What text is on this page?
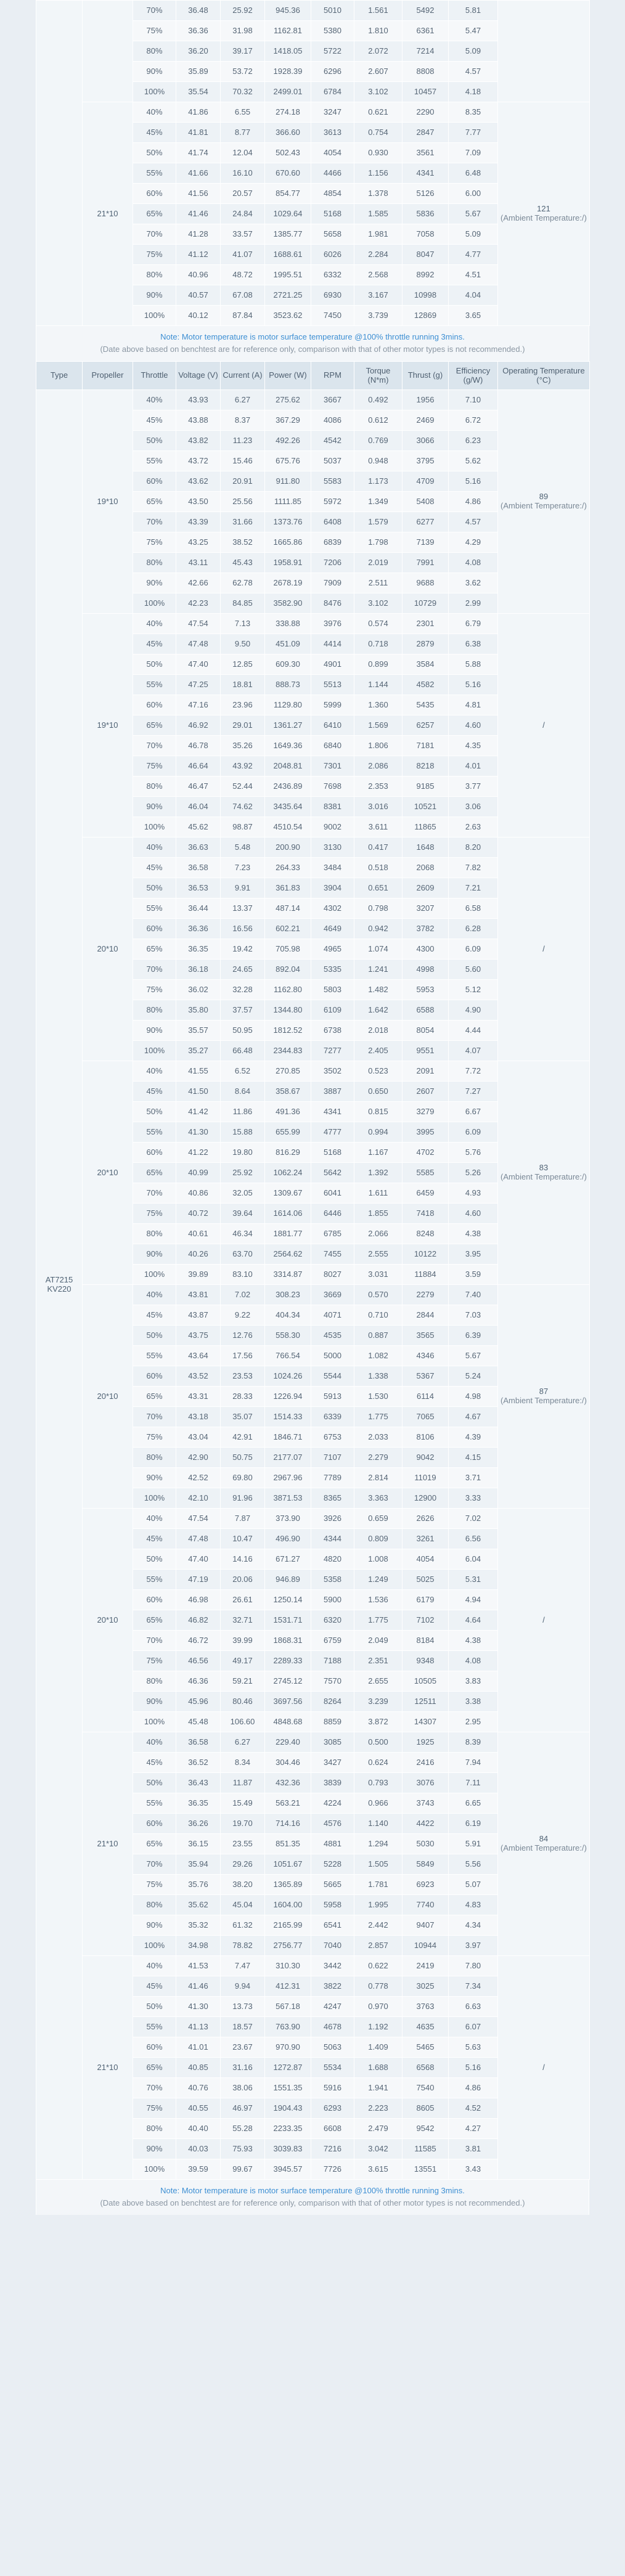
		70%	36.48	25.92	945.36	5010	1.561	5492	5.81	
		75%	36.36	31.98	1162.81	5380	1.810	6361	5.47	
		80%	36.20	39.17	1418.05	5722	2.072	7214	5.09	
		90%	35.89	53.72	1928.39	6296	2.607	8808	4.57	
		100%	35.54	70.32	2499.01	6784	3.102	10457	4.18	
	21*10	40%	41.86	6.55	274.18	3247	0.621	2290	8.35	121
(Ambient Temperature:/)

		45%	41.81	8.77	366.60	3613	0.754	2847	7.77	
		50%	41.74	12.04	502.43	4054	0.930	3561	7.09	
		55%	41.66	16.10	670.60	4466	1.156	4341	6.48	
		60%	41.56	20.57	854.77	4854	1.378	5126	6.00	
		65%	41.46	24.84	1029.64	5168	1.585	5836	5.67	
		70%	41.28	33.57	1385.77	5658	1.981	7058	5.09	
		75%	41.12	41.07	1688.61	6026	2.284	8047	4.77	
		80%	40.96	48.72	1995.51	6332	2.568	8992	4.51	
		90%	40.57	67.08	2721.25	6930	3.167	10998	4.04	
		100%	40.12	87.84	3523.62	7450	3.739	12869	3.65	
Note: Motor temperature is motor surface temperature @100% throttle running 3mins.
(Date above based on benchtest are for reference only, comparison with that of other motor types is not recommended.)
Type	Propeller	Throttle	Voltage (V)	Current (A)	Power (W)	RPM	Torque (N*m)	Thrust (g)	Efficiency (g/W)	Operating Temperature (°C)

AT7215
KV220	19*10	40%	43.93	6.27	275.62	3667	0.492	1956	7.10	89
(Ambient Temperature:/)

		45%	43.88	8.37	367.29	4086	0.612	2469	6.72	
		50%	43.82	11.23	492.26	4542	0.769	3066	6.23	
		55%	43.72	15.46	675.76	5037	0.948	3795	5.62	
		60%	43.62	20.91	911.80	5583	1.173	4709	5.16	
		65%	43.50	25.56	1111.85	5972	1.349	5408	4.86	
		70%	43.39	31.66	1373.76	6408	1.579	6277	4.57	
		75%	43.25	38.52	1665.86	6839	1.798	7139	4.29	
		80%	43.11	45.43	1958.91	7206	2.019	7991	4.08	
		90%	42.66	62.78	2678.19	7909	2.511	9688	3.62	
		100%	42.23	84.85	3582.90	8476	3.102	10729	2.99	
	19*10	40%	47.54	7.13	338.88	3976	0.574	2301	6.79	/

		45%	47.48	9.50	451.09	4414	0.718	2879	6.38	
		50%	47.40	12.85	609.30	4901	0.899	3584	5.88	
		55%	47.25	18.81	888.73	5513	1.144	4582	5.16	
		60%	47.16	23.96	1129.80	5999	1.360	5435	4.81	
		65%	46.92	29.01	1361.27	6410	1.569	6257	4.60	
		70%	46.78	35.26	1649.36	6840	1.806	7181	4.35	
		75%	46.64	43.92	2048.81	7301	2.086	8218	4.01	
		80%	46.47	52.44	2436.89	7698	2.353	9185	3.77	
		90%	46.04	74.62	3435.64	8381	3.016	10521	3.06	
		100%	45.62	98.87	4510.54	9002	3.611	11865	2.63	
	20*10	40%	36.63	5.48	200.90	3130	0.417	1648	8.20	/

		45%	36.58	7.23	264.33	3484	0.518	2068	7.82	
		50%	36.53	9.91	361.83	3904	0.651	2609	7.21	
		55%	36.44	13.37	487.14	4302	0.798	3207	6.58	
		60%	36.36	16.56	602.21	4649	0.942	3782	6.28	
		65%	36.35	19.42	705.98	4965	1.074	4300	6.09	
		70%	36.18	24.65	892.04	5335	1.241	4998	5.60	
		75%	36.02	32.28	1162.80	5803	1.482	5953	5.12	
		80%	35.80	37.57	1344.80	6109	1.642	6588	4.90	
		90%	35.57	50.95	1812.52	6738	2.018	8054	4.44	
		100%	35.27	66.48	2344.83	7277	2.405	9551	4.07	
	20*10	40%	41.55	6.52	270.85	3502	0.523	2091	7.72	83
(Ambient Temperature:/)

		45%	41.50	8.64	358.67	3887	0.650	2607	7.27	
		50%	41.42	11.86	491.36	4341	0.815	3279	6.67	
		55%	41.30	15.88	655.99	4777	0.994	3995	6.09	
		60%	41.22	19.80	816.29	5168	1.167	4702	5.76	
		65%	40.99	25.92	1062.24	5642	1.392	5585	5.26	
		70%	40.86	32.05	1309.67	6041	1.611	6459	4.93	
		75%	40.72	39.64	1614.06	6446	1.855	7418	4.60	
		80%	40.61	46.34	1881.77	6785	2.066	8248	4.38	
		90%	40.26	63.70	2564.62	7455	2.555	10122	3.95	
		100%	39.89	83.10	3314.87	8027	3.031	11884	3.59	
	20*10	40%	43.81	7.02	308.23	3669	0.570	2279	7.40	87
(Ambient Temperature:/)

		45%	43.87	9.22	404.34	4071	0.710	2844	7.03	
		50%	43.75	12.76	558.30	4535	0.887	3565	6.39	
		55%	43.64	17.56	766.54	5000	1.082	4346	5.67	
		60%	43.52	23.53	1024.26	5544	1.338	5367	5.24	
		65%	43.31	28.33	1226.94	5913	1.530	6114	4.98	
		70%	43.18	35.07	1514.33	6339	1.775	7065	4.67	
		75%	43.04	42.91	1846.71	6753	2.033	8106	4.39	
		80%	42.90	50.75	2177.07	7107	2.279	9042	4.15	
		90%	42.52	69.80	2967.96	7789	2.814	11019	3.71	
		100%	42.10	91.96	3871.53	8365	3.363	12900	3.33	
	20*10	40%	47.54	7.87	373.90	3926	0.659	2626	7.02	/

		45%	47.48	10.47	496.90	4344	0.809	3261	6.56	
		50%	47.40	14.16	671.27	4820	1.008	4054	6.04	
		55%	47.19	20.06	946.89	5358	1.249	5025	5.31	
		60%	46.98	26.61	1250.14	5900	1.536	6179	4.94	
		65%	46.82	32.71	1531.71	6320	1.775	7102	4.64	
		70%	46.72	39.99	1868.31	6759	2.049	8184	4.38	
		75%	46.56	49.17	2289.33	7188	2.351	9348	4.08	
		80%	46.36	59.21	2745.12	7570	2.655	10505	3.83	
		90%	45.96	80.46	3697.56	8264	3.239	12511	3.38	
		100%	45.48	106.60	4848.68	8859	3.872	14307	2.95	
	21*10	40%	36.58	6.27	229.40	3085	0.500	1925	8.39	84
(Ambient Temperature:/)

		45%	36.52	8.34	304.46	3427	0.624	2416	7.94	
		50%	36.43	11.87	432.36	3839	0.793	3076	7.11	
		55%	36.35	15.49	563.21	4224	0.966	3743	6.65	
		60%	36.26	19.70	714.16	4576	1.140	4422	6.19	
		65%	36.15	23.55	851.35	4881	1.294	5030	5.91	
		70%	35.94	29.26	1051.67	5228	1.505	5849	5.56	
		75%	35.76	38.20	1365.89	5665	1.781	6923	5.07	
		80%	35.62	45.04	1604.00	5958	1.995	7740	4.83	
		90%	35.32	61.32	2165.99	6541	2.442	9407	4.34	
		100%	34.98	78.82	2756.77	7040	2.857	10944	3.97	
	21*10	40%	41.53	7.47	310.30	3442	0.622	2419	7.80	/

		45%	41.46	9.94	412.31	3822	0.778	3025	7.34	
		50%	41.30	13.73	567.18	4247	0.970	3763	6.63	
		55%	41.13	18.57	763.90	4678	1.192	4635	6.07	
		60%	41.01	23.67	970.90	5063	1.409	5465	5.63	
		65%	40.85	31.16	1272.87	5534	1.688	6568	5.16	
		70%	40.76	38.06	1551.35	5916	1.941	7540	4.86	
		75%	40.55	46.97	1904.43	6293	2.223	8605	4.52	
		80%	40.40	55.28	2233.35	6608	2.479	9542	4.27	
		90%	40.03	75.93	3039.83	7216	3.042	11585	3.81	
		100%	39.59	99.67	3945.57	7726	3.615	13551	3.43	
Note: Motor temperature is motor surface temperature @100% throttle running 3mins.
(Date above based on benchtest are for reference only, comparison with that of other motor types is not recommended.)
